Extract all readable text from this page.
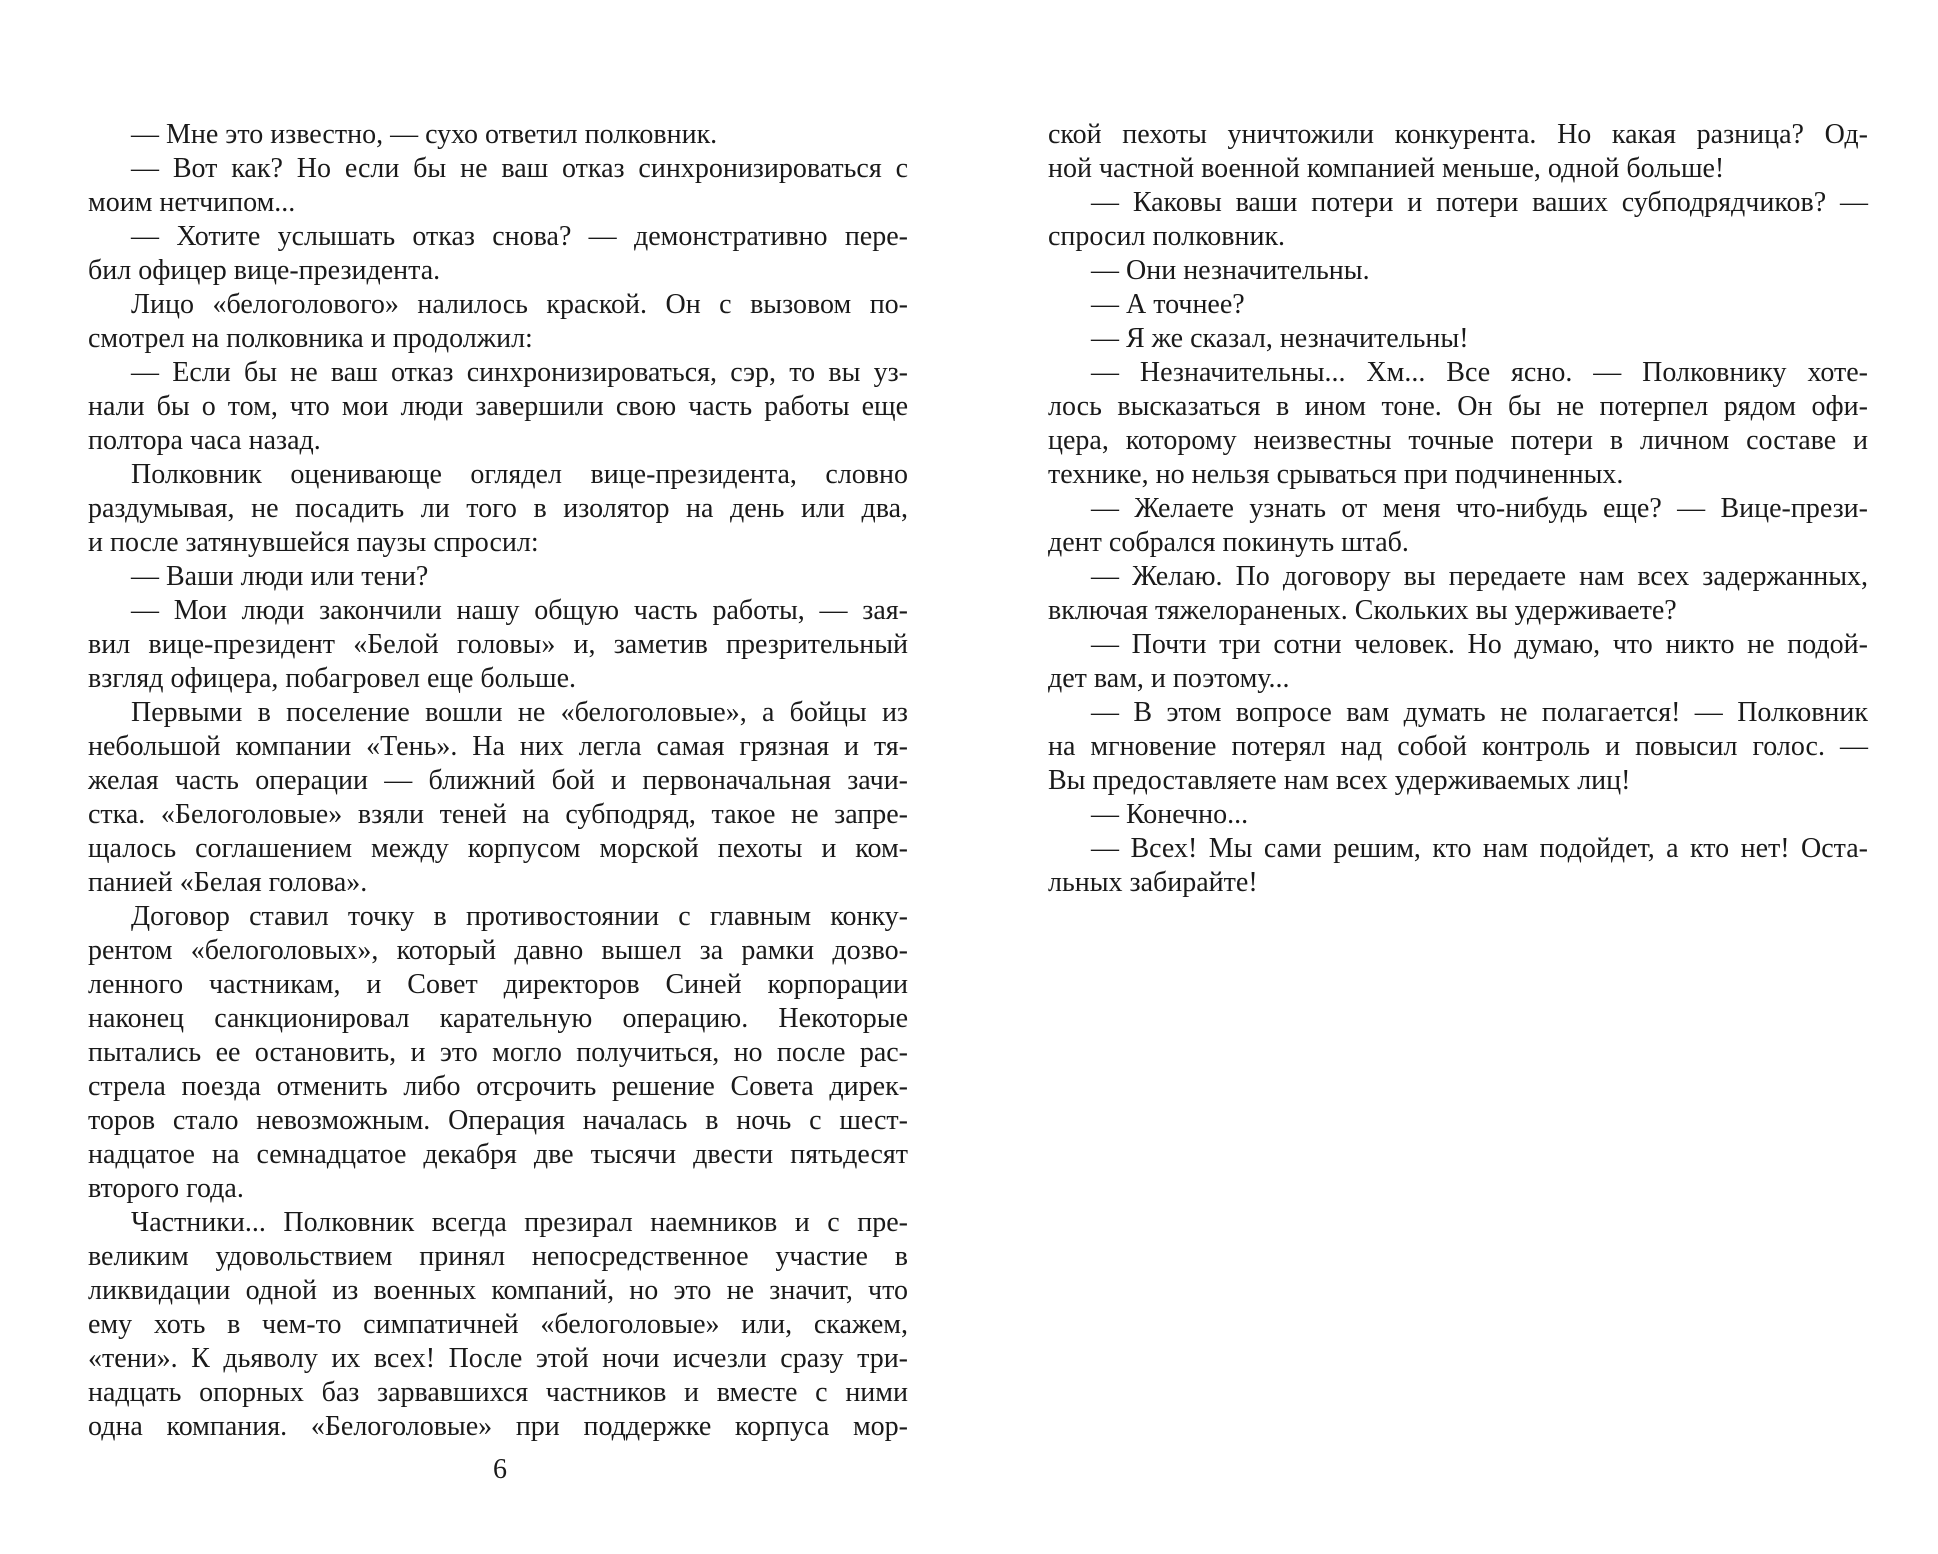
— Мне это известно, — сухо ответил полковник.
— Вот как? Но если бы не ваш отказ синхронизироваться с
моим нетчипом...
— Хотите услышать отказ снова? — демонстративно пере-
бил офицер вице-президента.
Лицо «белоголового» налилось краской. Он с вызовом по-
смотрел на полковника и продолжил:
— Если бы не ваш отказ синхронизироваться, сэр, то вы уз-
нали бы о том, что мои люди завершили свою часть работы еще
полтора часа назад.
Полковник оценивающе оглядел вице-президента, словно
раздумывая, не посадить ли того в изолятор на день или два,
и после затянувшейся паузы спросил:
— Ваши люди или тени?
— Мои люди закончили нашу общую часть работы, — зая-
вил вице-президент «Белой головы» и, заметив презрительный
взгляд офицера, побагровел еще больше.
Первыми в поселение вошли не «белоголовые», а бойцы из
небольшой компании «Тень». На них легла самая грязная и тя-
желая часть операции — ближний бой и первоначальная зачи-
стка. «Белоголовые» взяли теней на субподряд, такое не запре-
щалось соглашением между корпусом морской пехоты и ком-
панией «Белая голова».
Договор ставил точку в противостоянии с главным конку-
рентом «белоголовых», который давно вышел за рамки дозво-
ленного частникам, и Совет директоров Синей корпорации
наконец санкционировал карательную операцию. Некоторые
пытались ее остановить, и это могло получиться, но после рас-
стрела поезда отменить либо отсрочить решение Совета дирек-
торов стало невозможным. Операция началась в ночь с шест-
надцатое на семнадцатое декабря две тысячи двести пятьдесят
второго года.
Частники... Полковник всегда презирал наемников и с пре-
великим удовольствием принял непосредственное участие в
ликвидации одной из военных компаний, но это не значит, что
ему хоть в чем-то симпатичней «белоголовые» или, скажем,
«тени». К дьяволу их всех! После этой ночи исчезли сразу три-
надцать опорных баз зарвавшихся частников и вместе с ними
одна компания. «Белоголовые» при поддержке корпуса мор-
6
ской пехоты уничтожили конкурента. Но какая разница? Од-
ной частной военной компанией меньше, одной больше!
— Каковы ваши потери и потери ваших субподрядчиков? —
спросил полковник.
— Они незначительны.
— А точнее?
— Я же сказал, незначительны!
— Незначительны... Хм... Все ясно. — Полковнику хоте-
лось высказаться в ином тоне. Он бы не потерпел рядом офи-
цера, которому неизвестны точные потери в личном составе и
технике, но нельзя срываться при подчиненных.
— Желаете узнать от меня что-нибудь еще? — Вице-прези-
дент собрался покинуть штаб.
— Желаю. По договору вы передаете нам всех задержанных,
включая тяжелораненых. Скольких вы удерживаете?
— Почти три сотни человек. Но думаю, что никто не подой-
дет вам, и поэтому...
— В этом вопросе вам думать не полагается! — Полковник
на мгновение потерял над собой контроль и повысил голос. —
Вы предоставляете нам всех удерживаемых лиц!
— Конечно...
— Всех! Мы сами решим, кто нам подойдет, а кто нет! Оста-
льных забирайте!
